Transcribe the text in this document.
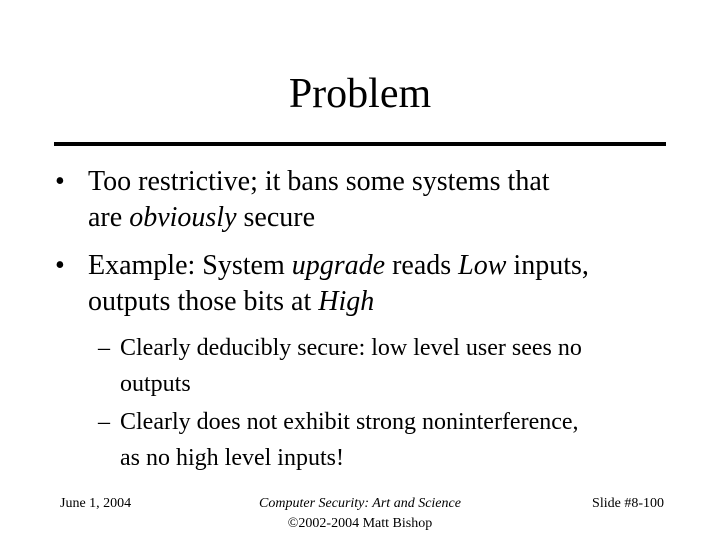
Problem
• Too restrictive; it bans some systems that
are obviously secure
• Example: System upgrade reads Low inputs,
outputs those bits at High
– Clearly deducibly secure: low level user sees no
outputs
– Clearly does not exhibit strong noninterference,
as no high level inputs!
June 1, 2004	Computer Security: Art and Science
©2002-2004 Matt Bishop
Slide #8-100
